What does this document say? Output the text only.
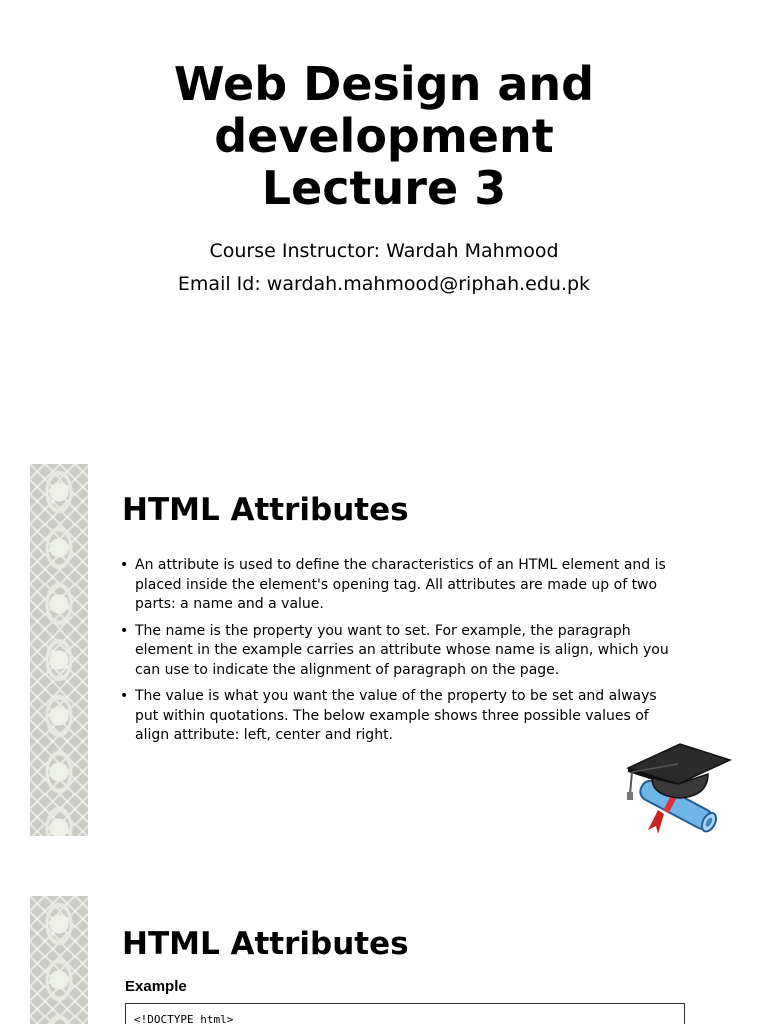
Web Design and
development
Lecture 3

Course Instructor: Wardah Mahmood

Email Id: wardah.mahmood@riphah.edu.pk

HTML Attributes
• An attribute is used to define the characteristics of an HTML element and is placed inside the element's opening tag. All attributes are made up of two parts: a name and a value.
• The name is the property you want to set. For example, the paragraph element in the example carries an attribute whose name is align, which you can use to indicate the alignment of paragraph on the page.
• The value is what you want the value of the property to be set and always put within quotations. The below example shows three possible values of align attribute: left, center and right.
HTML Attributes

Example

<!DOCTYPE html>
